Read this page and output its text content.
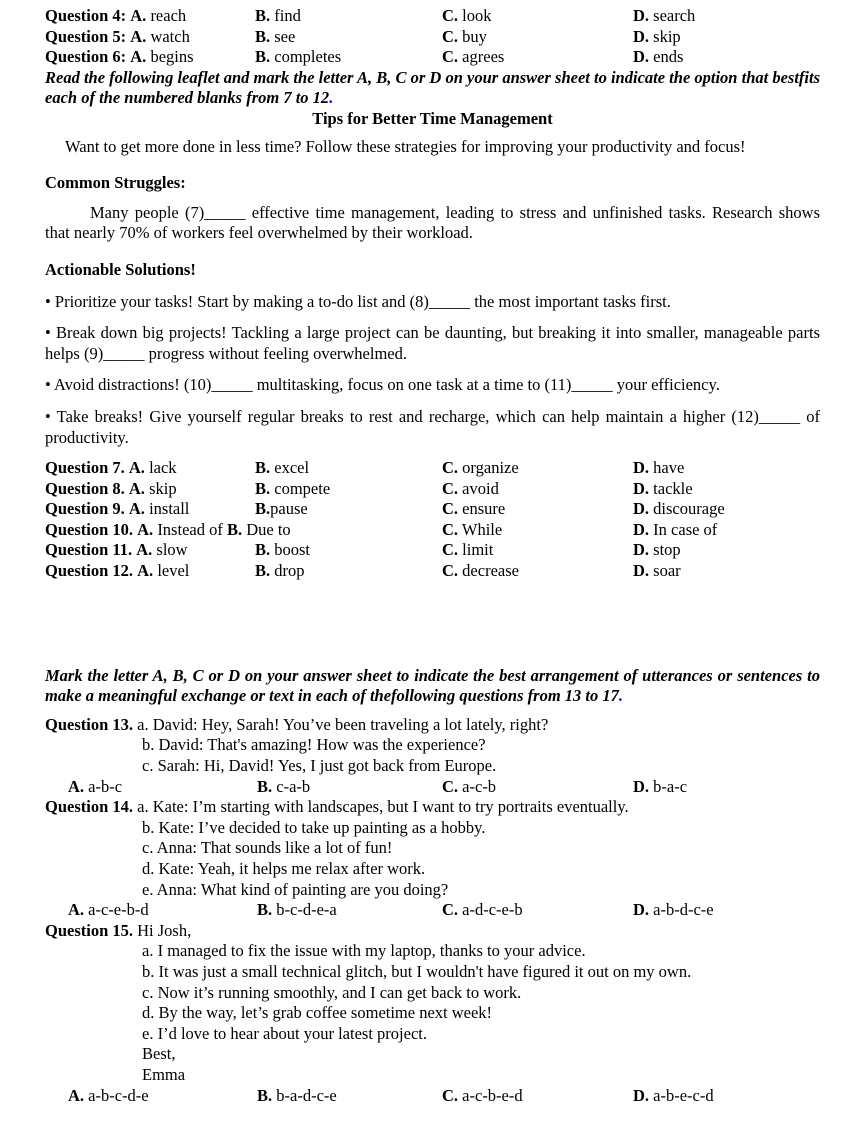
Question 4: A. reach	B. find	C. look	D. search
Question 5: A. watch	B. see	C. buy	D. skip
Question 6: A. begins	B. completes	C. agrees	D. ends

Read the following leaflet and mark the letter A, B, C or D on your answer sheet to indicate the option that bestfits each of the numbered blanks from 7 to 12.

Tips for Better Time Management

Want to get more done in less time? Follow these strategies for improving your productivity and focus!

Common Struggles:

Many people (7)_____ effective time management, leading to stress and unfinished tasks. Research shows that nearly 70% of workers feel overwhelmed by their workload.

Actionable Solutions!

• Prioritize your tasks! Start by making a to-do list and (8)_____ the most important tasks first.

• Break down big projects! Tackling a large project can be daunting, but breaking it into smaller, manageable parts helps (9)_____ progress without feeling overwhelmed.

• Avoid distractions! (10)_____ multitasking, focus on one task at a time to (11)_____ your efficiency.

• Take breaks! Give yourself regular breaks to rest and recharge, which can help maintain a higher (12)_____ of productivity.

Question 7. A. lack	B. excel	C. organize	D. have
Question 8. A. skip	B. compete	C. avoid	D. tackle
Question 9. A. install	B.pause	C. ensure	D. discourage
Question 10. A. Instead of B. Due to	C. While	D. In case of
Question 11. A. slow	B. boost	C. limit	D. stop
Question 12. A. level	B. drop	C. decrease	D. soar

Mark the letter A, B, C or D on your answer sheet to indicate the best arrangement of utterances or sentences to make a meaningful exchange or text in each of thefollowing questions from 13 to 17.

Question 13. a. David: Hey, Sarah! You’ve been traveling a lot lately, right?
b. David: That's amazing! How was the experience?
c. Sarah: Hi, David! Yes, I just got back from Europe.
A. a-b-c	B. c-a-b	C. a-c-b	D. b-a-c
Question 14. a. Kate: I’m starting with landscapes, but I want to try portraits eventually.
b. Kate: I’ve decided to take up painting as a hobby.
c. Anna: That sounds like a lot of fun!
d. Kate: Yeah, it helps me relax after work.
e. Anna: What kind of painting are you doing?
A. a-c-e-b-d	B. b-c-d-e-a	C. a-d-c-e-b	D. a-b-d-c-e
Question 15. Hi Josh,
a. I managed to fix the issue with my laptop, thanks to your advice.
b. It was just a small technical glitch, but I wouldn't have figured it out on my own.
c. Now it’s running smoothly, and I can get back to work.
d. By the way, let’s grab coffee sometime next week!
e. I’d love to hear about your latest project.
Best,
Emma
A. a-b-c-d-e	B. b-a-d-c-e	C. a-c-b-e-d	D. a-b-e-c-d
